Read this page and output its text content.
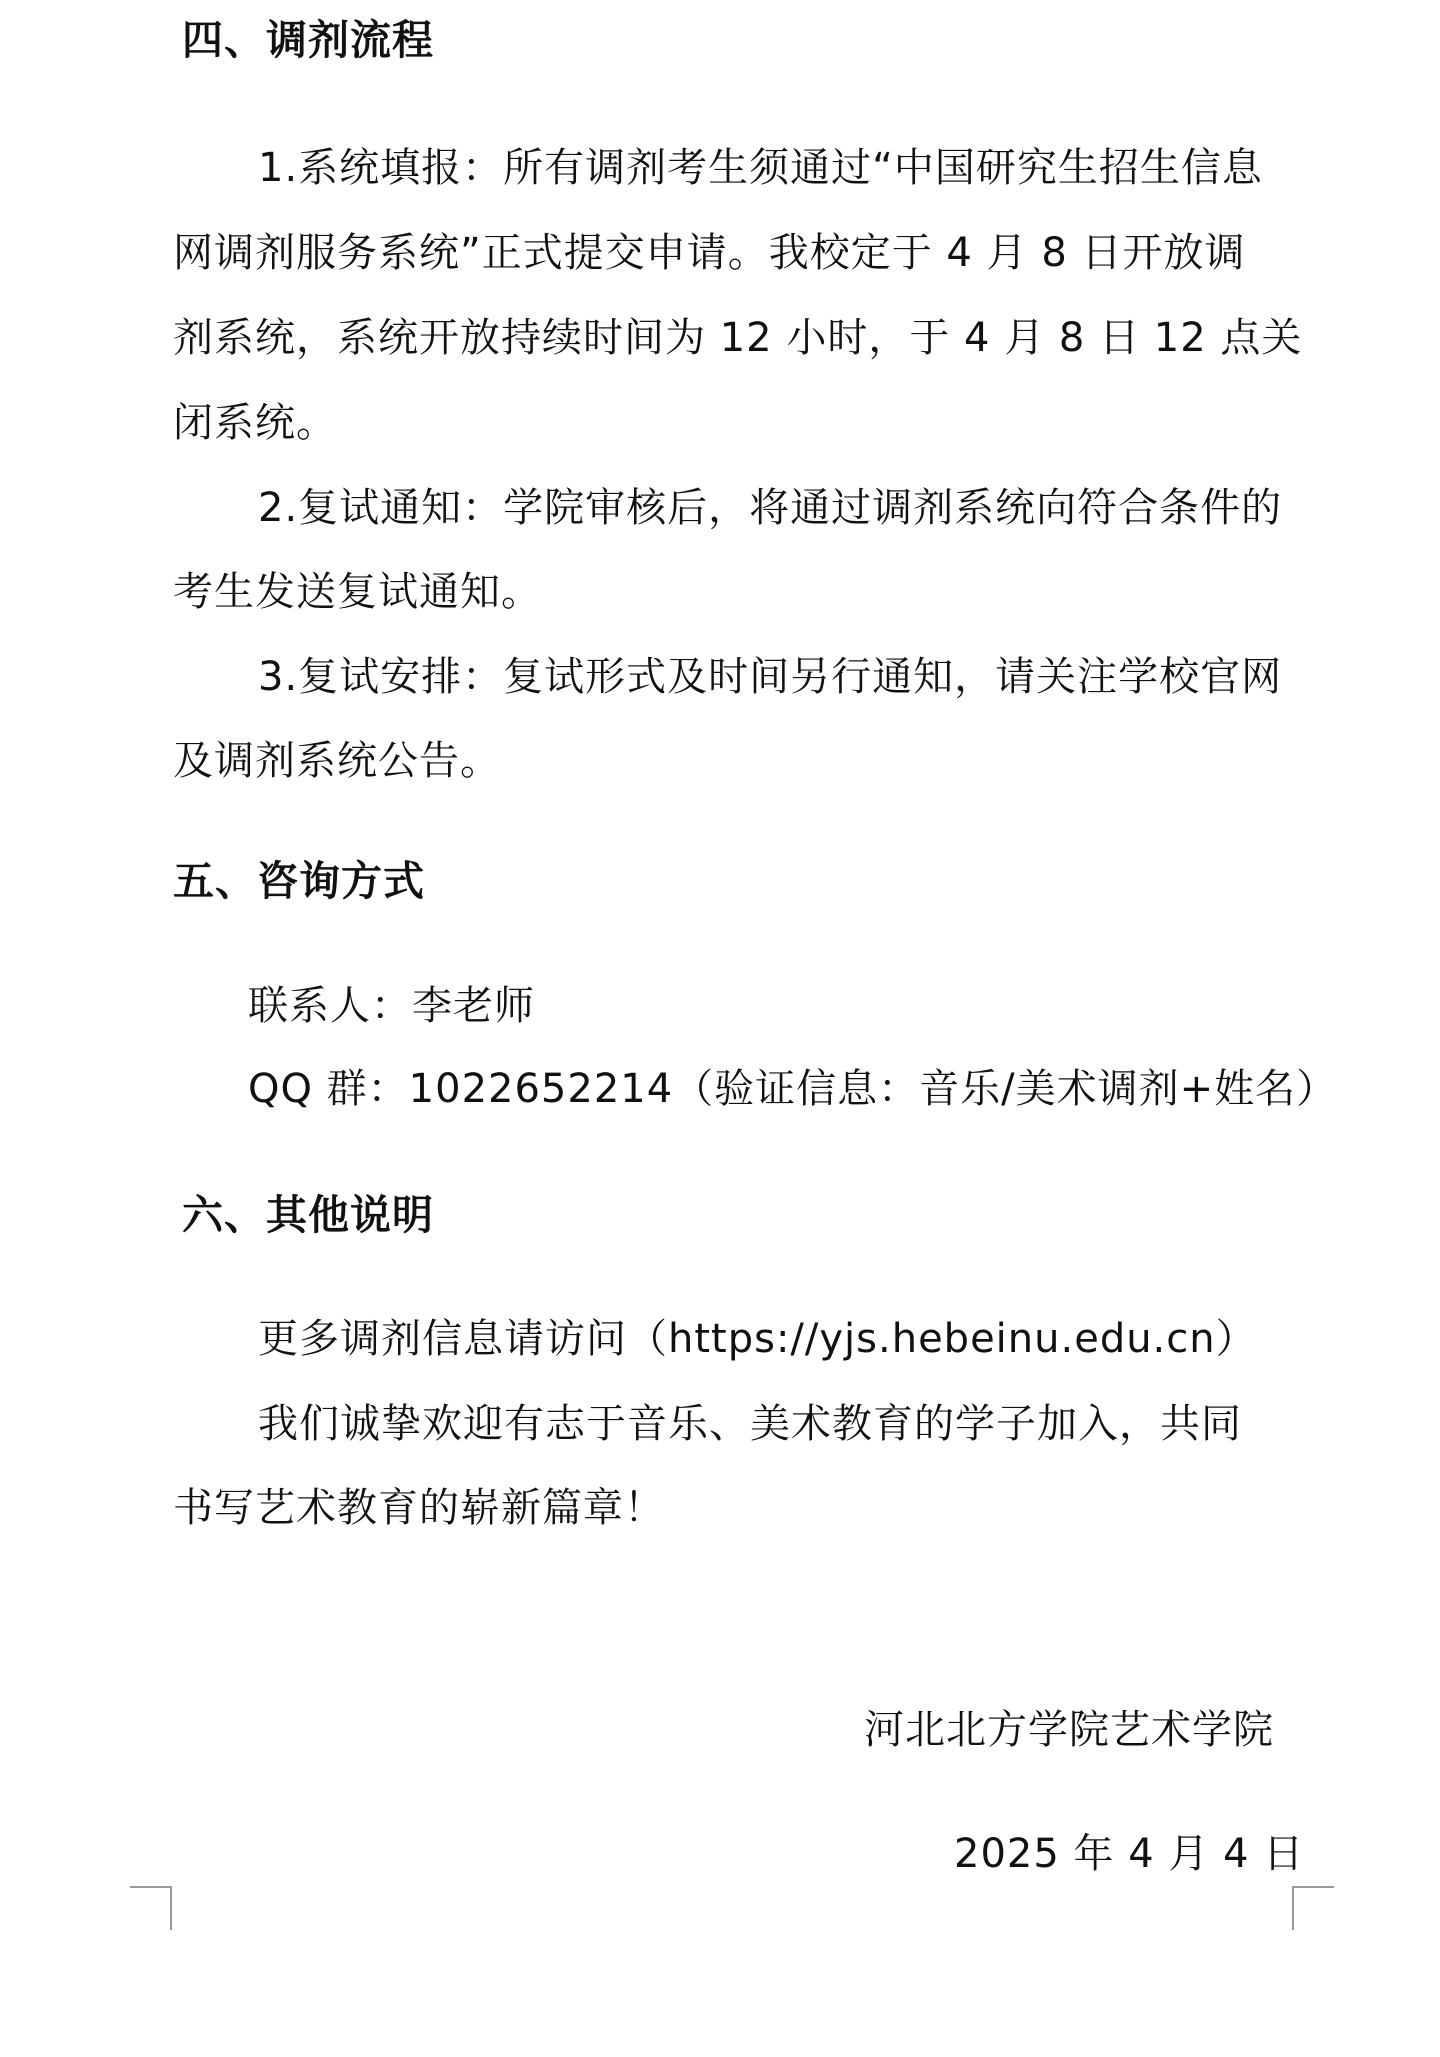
四、调剂流程
1.系统填报：所有调剂考生须通过“中国研究生招生信息
网调剂服务系统”正式提交申请。我校定于 4 月 8 日开放调
剂系统，系统开放持续时间为 12 小时，于 4 月 8 日 12 点关
闭系统。
2.复试通知：学院审核后，将通过调剂系统向符合条件的
考生发送复试通知。
3.复试安排：复试形式及时间另行通知，请关注学校官网
及调剂系统公告。
五、咨询方式
联系人：李老师
QQ 群：1022652214（验证信息：音乐/美术调剂+姓名）
六、其他说明
更多调剂信息请访问（https://yjs.hebeinu.edu.cn）
我们诚挚欢迎有志于音乐、美术教育的学子加入，共同
书写艺术教育的崭新篇章！
河北北方学院艺术学院
2025 年 4 月 4 日
